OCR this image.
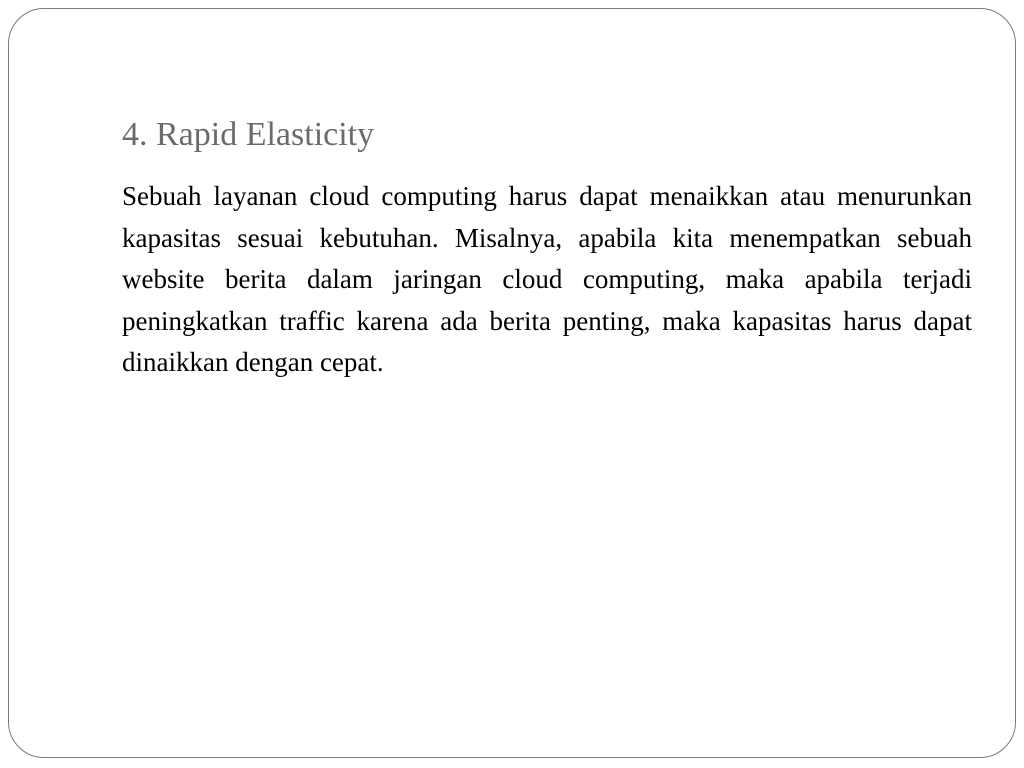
4. Rapid Elasticity

Sebuah layanan cloud computing harus dapat menaikkan atau menurunkan kapasitas sesuai kebutuhan. Misalnya, apabila kita menempatkan sebuah website berita dalam jaringan cloud computing, maka apabila terjadi peningkatkan traffic karena ada berita penting, maka kapasitas harus dapat dinaikkan dengan cepat.
